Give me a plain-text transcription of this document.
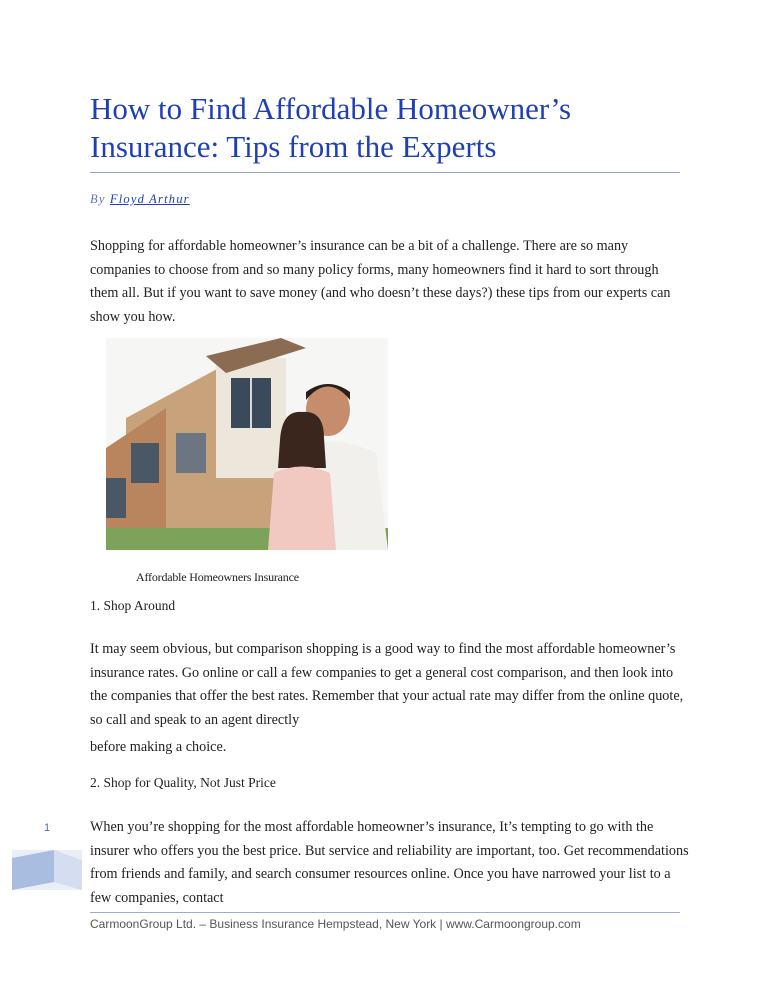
How to Find Affordable Homeowner’s
Insurance: Tips from the Experts
By Floyd Arthur

Shopping for affordable homeowner’s insurance can be a bit of a challenge. There are so many companies to choose from and so many policy forms, many homeowners find it hard to sort through them all. But if you want to save money (and who doesn’t these days?) these tips from our experts can show you how.

Affordable Homeowners Insurance
1. Shop Around

It may seem obvious, but comparison shopping is a good way to find the most affordable homeowner’s insurance rates. Go online or call a few companies to get a general cost comparison, and then look into the companies that offer the best rates. Remember that your actual rate may differ from the online quote, so call and speak to an agent directly

before making a choice.
2. Shop for Quality, Not Just Price

When you’re shopping for the most affordable homeowner’s insurance, It’s tempting to go with the insurer who offers you the best price. But service and reliability are important, too. Get recommendations from friends and family, and search consumer resources online. Once you have narrowed your list to a few companies, contact

1
CarmoonGroup Ltd. – Business Insurance Hempstead, New York | www.Carmoongroup.com
